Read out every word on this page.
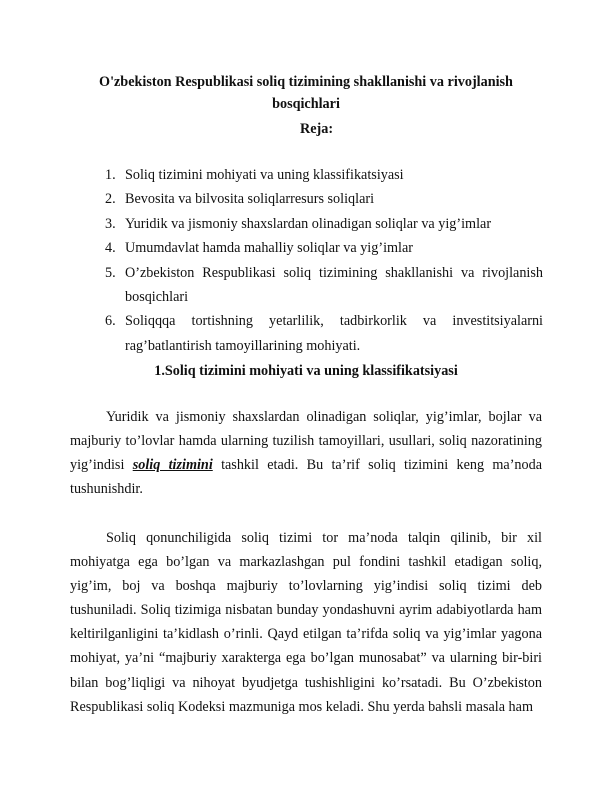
O'zbekiston Respublikasi soliq tizimining shakllanishi va rivojlanish bosqichlari
Reja:
1. Soliq tizimini mohiyati va uning klassifikatsiyasi
2. Bevosita va bilvosita soliqlarresurs soliqlari
3. Yuridik va jismoniy shaxslardan olinadigan soliqlar va yig’imlar
4. Umumdavlat hamda mahalliy soliqlar va yig’imlar
5. O’zbekiston Respublikasi soliq tizimining shakllanishi va rivojlanish
bosqichlari
6. Soliqqqa tortishning yetarlilik, tadbirkorlik va investitsiyalarni
rag’batlantirish tamoyillarining mohiyati.
1.Soliq tizimini mohiyati va uning klassifikatsiyasi

Yuridik va jismoniy shaxslardan olinadigan soliqlar, yig’imlar, bojlar va majburiy to’lovlar hamda ularning tuzilish tamoyillari, usullari, soliq nazoratining yig’indisi soliq tizimini tashkil etadi. Bu ta’rif soliq tizimini keng ma’noda tushunishdir.

Soliq qonunchiligida soliq tizimi tor ma’noda talqin qilinib, bir xil mohiyatga ega bo’lgan va markazlashgan pul fondini tashkil etadigan soliq, yig’im, boj va boshqa majburiy to’lovlarning yig’indisi soliq tizimi deb tushuniladi. Soliq tizimiga nisbatan bunday yondashuvni ayrim adabiyotlarda ham keltirilganligini ta’kidlash o’rinli. Qayd etilgan ta’rifda soliq va yig’imlar yagona mohiyat, ya’ni “majburiy xarakterga ega bo’lgan munosabat” va ularning bir-biri bilan bog’liqligi va nihoyat byudjetga tushishligini ko’rsatadi. Bu O’zbekiston Respublikasi soliq Kodeksi mazmuniga mos keladi. Shu yerda bahsli masala ham
